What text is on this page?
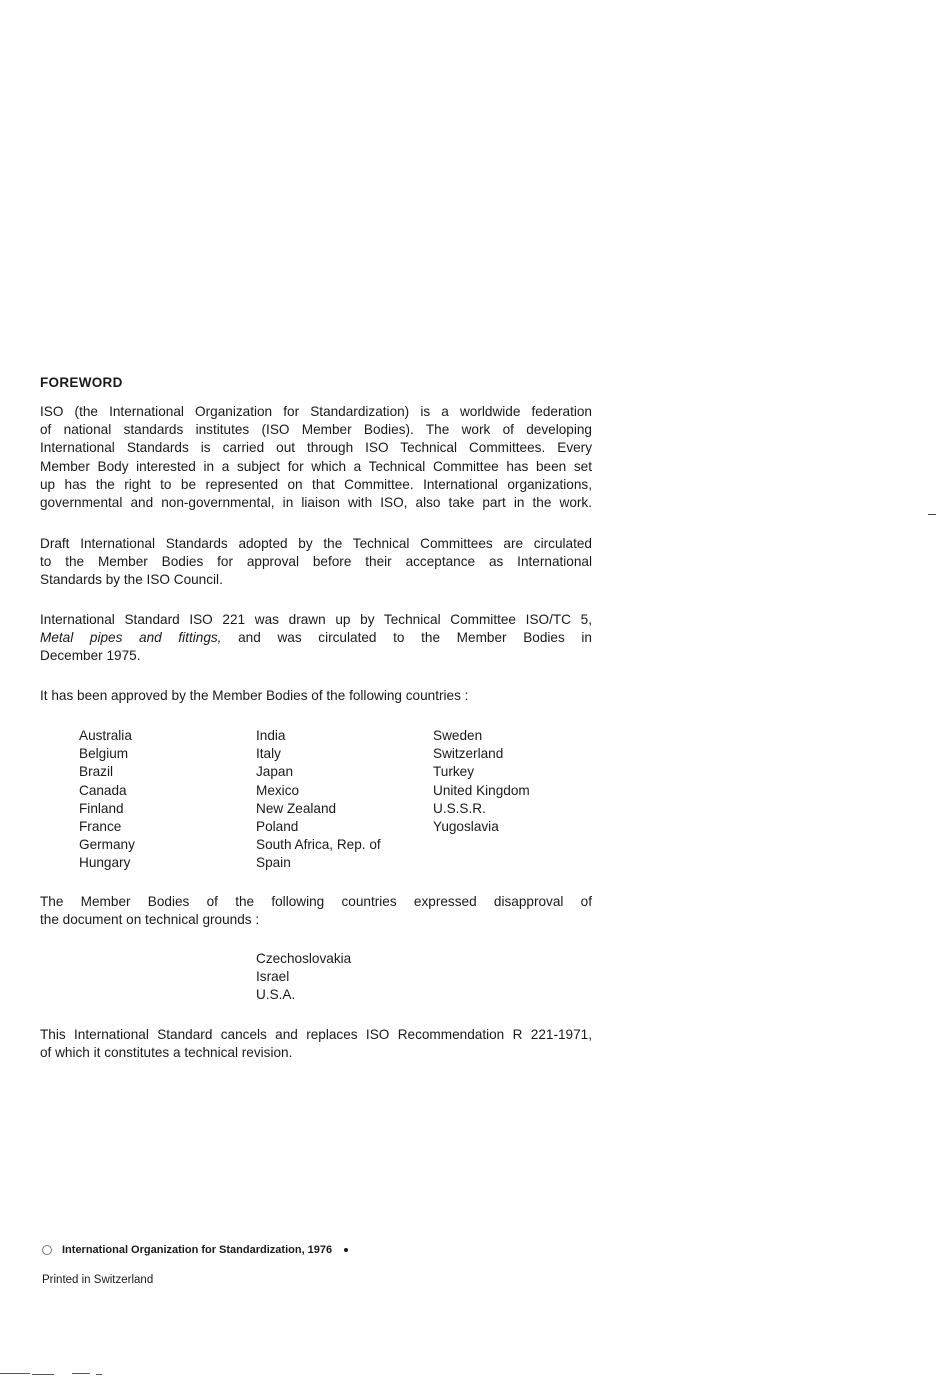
FOREWORD
ISO (the International Organization for Standardization) is a worldwide federation
of national standards institutes (ISO Member Bodies). The work of developing
International Standards is carried out through ISO Technical Committees. Every
Member Body interested in a subject for which a Technical Committee has been set
up has the right to be represented on that Committee. International organizations,
governmental and non-governmental, in liaison with ISO, also take part in the work.
Draft International Standards adopted by the Technical Committees are circulated
to the Member Bodies for approval before their acceptance as International
Standards by the ISO Council.
International Standard ISO 221 was drawn up by Technical Committee ISO/TC 5,
Metal pipes and fittings, and was circulated to the Member Bodies in
December 1975.
It has been approved by the Member Bodies of the following countries :
Australia
Belgium
Brazil
Canada
Finland
France
Germany
Hungary
India
Italy
Japan
Mexico
New Zealand
Poland
South Africa, Rep. of
Spain
Sweden
Switzerland
Turkey
United Kingdom
U.S.S.R.
Yugoslavia
The Member Bodies of the following countries expressed disapproval of
the document on technical grounds :
Czechoslovakia
Israel
U.S.A.
This International Standard cancels and replaces ISO Recommendation R 221-1971,
of which it constitutes a technical revision.
International Organization for Standardization, 1976
Printed in Switzerland
